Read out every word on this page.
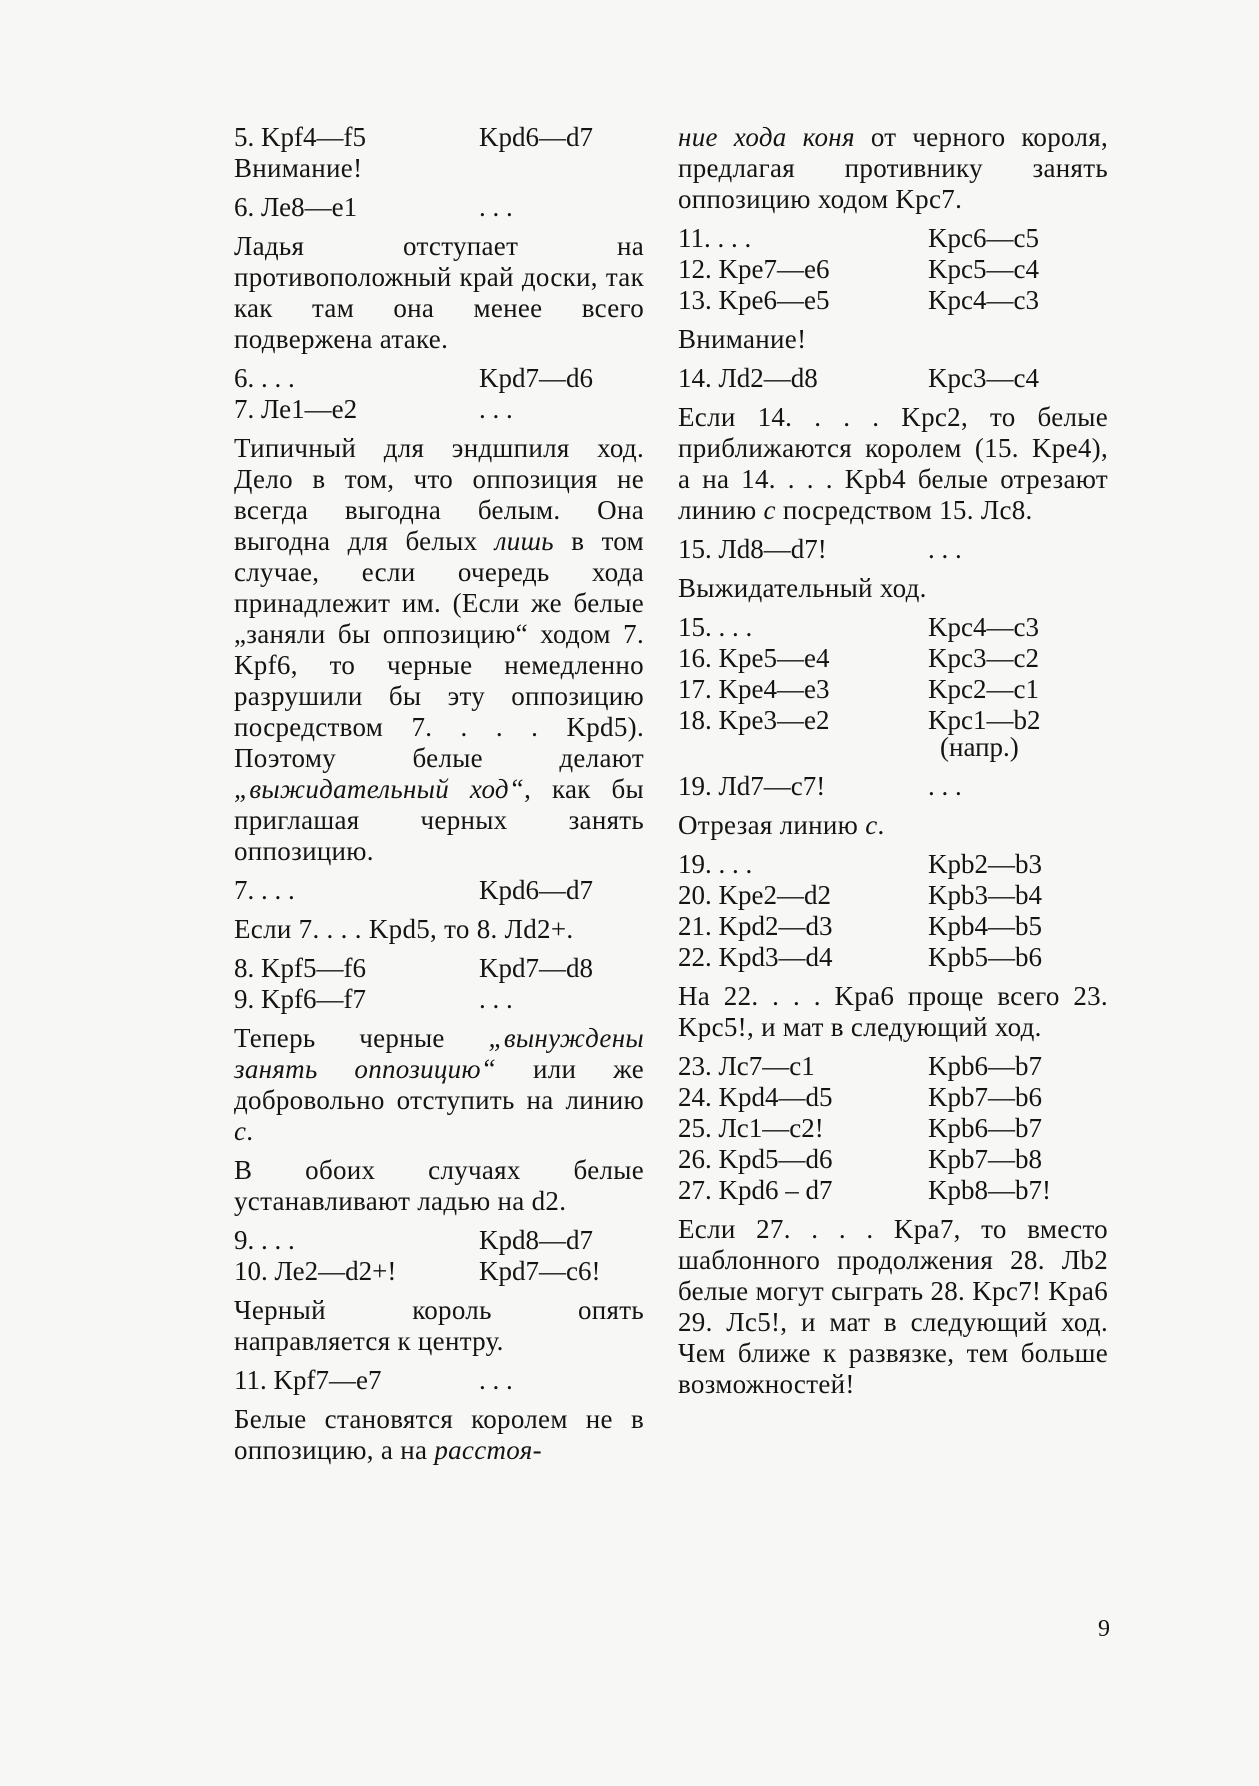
5. Kpf4—f5	Kpd6—d7

Внимание!

6. Ле8—е1	. . .

Ладья отступает на противоположный край доски, так как там она менее всего подвержена атаке.

6. . . .	Kpd7—d6
7. Ле1—е2	. . .

Типичный для эндшпиля ход. Дело в том, что оппозиция не всегда выгодна белым. Она выгодна для белых лишь в том случае, если очередь хода принадлежит им. (Если же белые „заняли бы оппозицию“ ходом 7. Kpf6, то черные немедленно разрушили бы эту оппозицию посредством 7. . . . Kpd5). Поэтому белые делают „выжидательный ход“, как бы приглашая черных занять оппозицию.

7. . . .	Kpd6—d7

Если 7. . . . Kpd5, то 8. Лd2+.

8. Kpf5—f6	Kpd7—d8
9. Kpf6—f7	. . .

Теперь черные „вынуждены занять оппозицию“ или же добровольно отступить на линию c.

В обоих случаях белые устанавливают ладью на d2.

9. . . .	Kpd8—d7
10. Ле2—d2+!	Kpd7—c6!

Черный король опять направляется к центру.

11. Kpf7—e7	. . .

Белые становятся королем не в оппозицию, а на расстоя-

ние хода коня от черного короля, предлагая противнику занять оппозицию ходом Kpc7.

11. . . .	Kpc6—c5
12. Kpe7—e6	Kpc5—c4
13. Kpe6—e5	Kpc4—c3

Внимание!

14. Лd2—d8	Kpc3—c4

Если 14. . . . Kpc2, то белые приближаются королем (15. Kpe4), а на 14. . . . Kpb4 белые отрезают линию c посредством 15. Лс8.

15. Лd8—d7!	. . .

Выжидательный ход.

15. . . .	Kpc4—c3
16. Kpe5—e4	Kpc3—c2
17. Kpe4—e3	Kpc2—c1
18. Kpe3—e2	Kpc1—b2
(напр.)
19. Лd7—c7!	. . .

Отрезая линию c.

19. . . .	Kpb2—b3
20. Kpe2—d2	Kpb3—b4
21. Kpd2—d3	Kpb4—b5
22. Kpd3—d4	Kpb5—b6

На 22. . . . Kpa6 проще всего 23. Kpc5!, и мат в следующий ход.

23. Лс7—с1	Kpb6—b7
24. Kpd4—d5	Kpb7—b6
25. Лс1—с2!	Kpb6—b7
26. Kpd5—d6	Kpb7—b8
27. Kpd6 – d7	Kpb8—b7!

Если 27. . . . Kpa7, то вместо шаблонного продолжения 28. Лb2 белые могут сыграть 28. Kpc7! Kpa6 29. Лс5!, и мат в следующий ход. Чем ближе к развязке, тем больше возможностей!

9
